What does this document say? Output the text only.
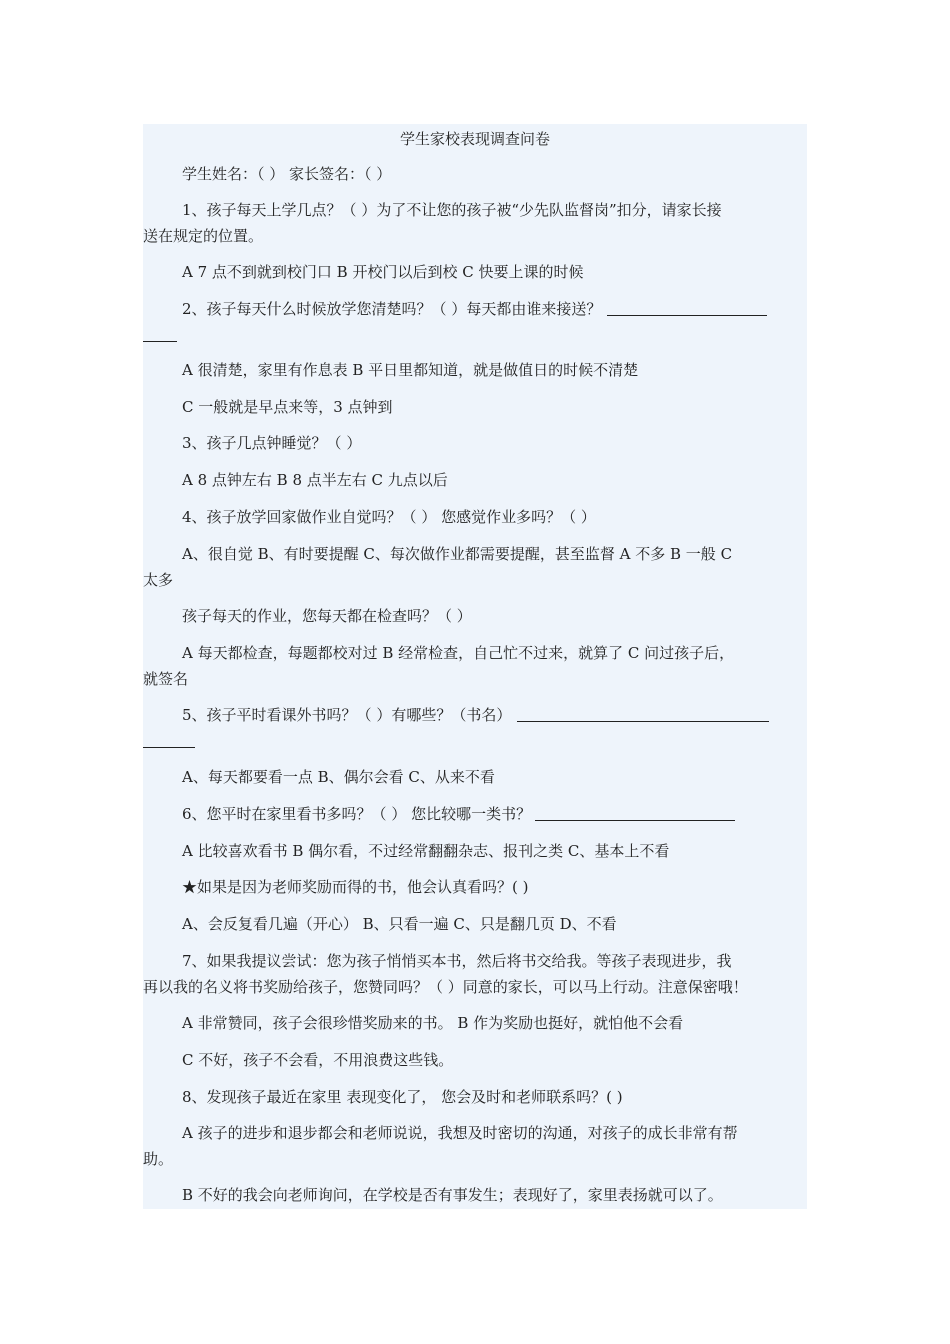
学生家校表现调查问卷
学生姓名：（ ） 家长签名：（ ）
1、孩子每天上学几点？（ ）为了不让您的孩子被“少先队监督岗”扣分，请家长接
送在规定的位置。
A 7 点不到就到校门口 B 开校门以后到校 C 快要上课的时候
2、孩子每天什么时候放学您清楚吗？（ ）每天都由谁来接送？
A 很清楚，家里有作息表 B 平日里都知道，就是做值日的时候不清楚
C 一般就是早点来等，3 点钟到
3、孩子几点钟睡觉？（ ）
A 8 点钟左右 B 8 点半左右 C 九点以后
4、孩子放学回家做作业自觉吗？（ ） 您感觉作业多吗？（ ）
A、很自觉 B、有时要提醒 C、每次做作业都需要提醒，甚至监督 A 不多 B 一般 C
太多
孩子每天的作业，您每天都在检查吗？（ ）
A 每天都检查，每题都校对过 B 经常检查，自己忙不过来，就算了 C 问过孩子后，
就签名
5、孩子平时看课外书吗？（ ）有哪些？（书名）
A、每天都要看一点 B、偶尔会看 C、从来不看
6、您平时在家里看书多吗？（ ） 您比较哪一类书？
A 比较喜欢看书 B 偶尔看，不过经常翻翻杂志、报刊之类 C、基本上不看
★如果是因为老师奖励而得的书，他会认真看吗？( )
A、会反复看几遍（开心） B、只看一遍 C、只是翻几页 D、不看
7、如果我提议尝试：您为孩子悄悄买本书，然后将书交给我。等孩子表现进步，我
再以我的名义将书奖励给孩子，您赞同吗？（ ）同意的家长，可以马上行动。注意保密哦！
A 非常赞同，孩子会很珍惜奖励来的书。 B 作为奖励也挺好，就怕他不会看
C 不好，孩子不会看，不用浪费这些钱。
8、发现孩子最近在家里 表现变化了， 您会及时和老师联系吗？( )
A 孩子的进步和退步都会和老师说说，我想及时密切的沟通，对孩子的成长非常有帮
助。
B 不好的我会向老师询问，在学校是否有事发生；表现好了，家里表扬就可以了。
